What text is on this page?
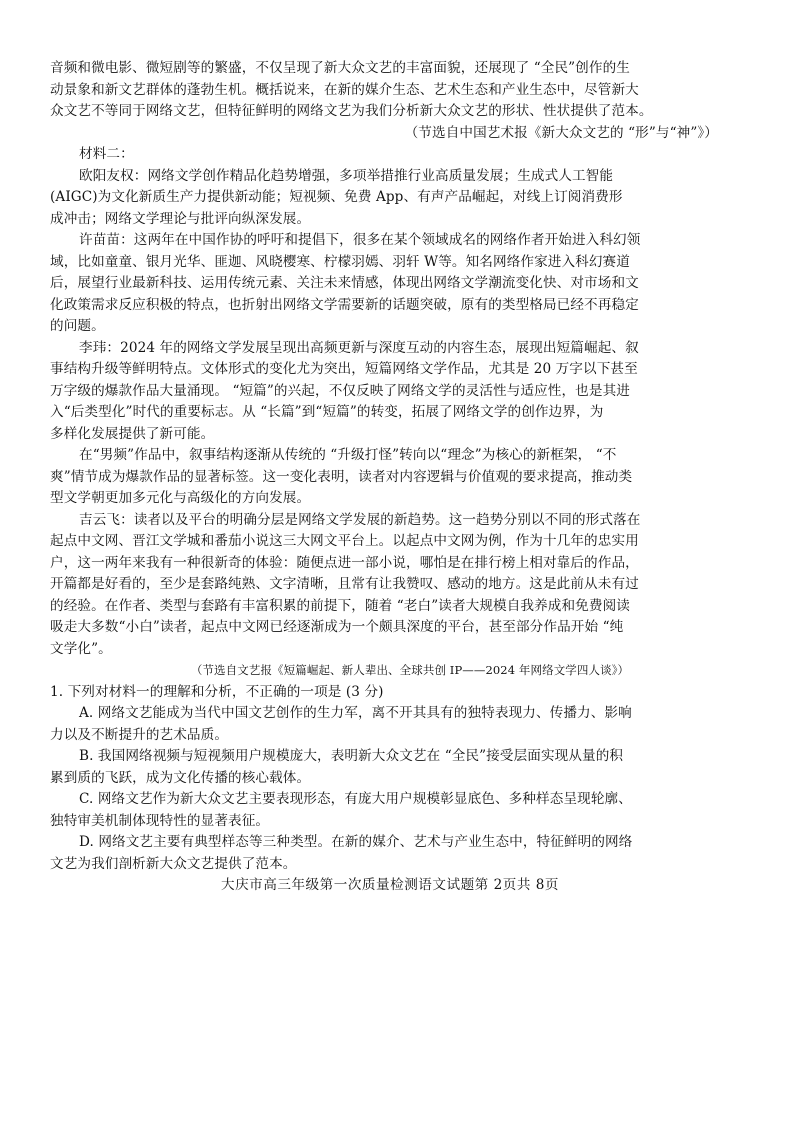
音频和微电影、微短剧等的繁盛，不仅呈现了新大众文艺的丰富面貌，还展现了 “全民”创作的生
动景象和新文艺群体的蓬勃生机。概括说来，在新的媒介生态、艺术生态和产业生态中，尽管新大
众文艺不等同于网络文艺，但特征鲜明的网络文艺为我们分析新大众文艺的形状、性状提供了范本。
（节选自中国艺术报《新大众文艺的 “形”与“神”》）
材料二：
欧阳友权：网络文学创作精品化趋势增强，多项举措推行业高质量发展；生成式人工智能
(AIGC)为文化新质生产力提供新动能；短视频、免费 App、有声产品崛起，对线上订阅消费形
成冲击；网络文学理论与批评向纵深发展。
许苗苗：这两年在中国作协的呼吁和提倡下，很多在某个领域成名的网络作者开始进入科幻领
域，比如童童、银月光华、匪迦、风晓樱寒、柠檬羽嫣、羽轩 W等。知名网络作家进入科幻赛道
后，展望行业最新科技、运用传统元素、关注未来情感，体现出网络文学潮流变化快、对市场和文
化政策需求反应积极的特点，也折射出网络文学需要新的话题突破，原有的类型格局已经不再稳定
的问题。
李玮：2024 年的网络文学发展呈现出高频更新与深度互动的内容生态，展现出短篇崛起、叙
事结构升级等鲜明特点。文体形式的变化尤为突出，短篇网络文学作品，尤其是 20 万字以下甚至
万字级的爆款作品大量涌现。 “短篇”的兴起，不仅反映了网络文学的灵活性与适应性，也是其进
入“后类型化”时代的重要标志。从 “长篇”到“短篇”的转变，拓展了网络文学的创作边界，为
多样化发展提供了新可能。
在“男频”作品中，叙事结构逐渐从传统的 “升级打怪”转向以“理念”为核心的新框架， “不
爽”情节成为爆款作品的显著标签。这一变化表明，读者对内容逻辑与价值观的要求提高，推动类
型文学朝更加多元化与高级化的方向发展。
吉云飞：读者以及平台的明确分层是网络文学发展的新趋势。这一趋势分别以不同的形式落在
起点中文网、晋江文学城和番茄小说这三大网文平台上。以起点中文网为例，作为十几年的忠实用
户，这一两年来我有一种很新奇的体验：随便点进一部小说，哪怕是在排行榜上相对靠后的作品，
开篇都是好看的，至少是套路纯熟、文字清晰，且常有让我赞叹、感动的地方。这是此前从未有过
的经验。在作者、类型与套路有丰富积累的前提下，随着 “老白”读者大规模自我养成和免费阅读
吸走大多数“小白”读者，起点中文网已经逐渐成为一个颇具深度的平台，甚至部分作品开始 “纯
文学化”。
（节选自文艺报《短篇崛起、新人辈出、全球共创 IP——2024 年网络文学四人谈》）
1. 下列对材料一的理解和分析，不正确的一项是 (3 分)
A. 网络文艺能成为当代中国文艺创作的生力军，离不开其具有的独特表现力、传播力、影响
力以及不断提升的艺术品质。
B. 我国网络视频与短视频用户规模庞大，表明新大众文艺在 “全民”接受层面实现从量的积
累到质的飞跃，成为文化传播的核心载体。
C. 网络文艺作为新大众文艺主要表现形态，有庞大用户规模彰显底色、多种样态呈现轮廓、
独特审美机制体现特性的显著表征。
D. 网络文艺主要有典型样态等三种类型。在新的媒介、艺术与产业生态中，特征鲜明的网络
文艺为我们剖析新大众文艺提供了范本。
大庆市高三年级第一次质量检测语文试题第 2页共 8页
